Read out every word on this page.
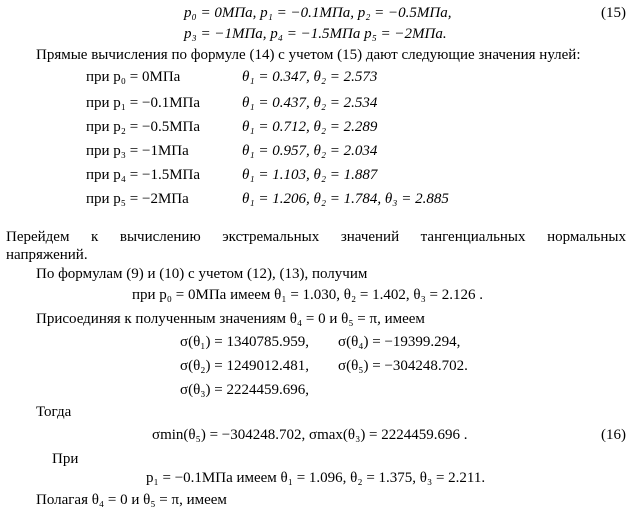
p₀ = 0МПа, p₁ = −0.1МПа, p₂ = −0.5МПа,	(15)
p₃ = −1МПа, p₄ = −1.5МПа p₅ = −2МПа.
Прямые вычисления по формуле (14) с учетом (15) дают следующие значения нулей:
при p₀ = 0МПа	θ₁ = 0.347, θ₂ = 2.573
при p₁ = −0.1МПа	θ₁ = 0.437, θ₂ = 2.534
при p₂ = −0.5МПа	θ₁ = 0.712, θ₂ = 2.289
при p₃ = −1МПа	θ₁ = 0.957, θ₂ = 2.034
при p₄ = −1.5МПа	θ₁ = 1.103, θ₂ = 1.887
при p₅ = −2МПа	θ₁ = 1.206, θ₂ = 1.784, θ₃ = 2.885
Перейдем к вычислению экстремальных значений тангенциальных нормальных
напряжений.
По формулам (9) и (10) с учетом (12), (13), получим
при p₀ = 0МПа имеем θ₁ = 1.030, θ₂ = 1.402, θ₃ = 2.126 .
Присоединяя к полученным значениям θ₄ = 0 и θ₅ = π, имеем
σ(θ₁) = 1340785.959, σ(θ₄) = −19399.294,
σ(θ₂) = 1249012.481, σ(θ₅) = −304248.702.
σ(θ₃) = 2224459.696,
Тогда
σmin(θ₅) = −304248.702, σmax(θ₃) = 2224459.696 .	(16)
При
p₁ = −0.1МПа имеем θ₁ = 1.096, θ₂ = 1.375, θ₃ = 2.211.
Полагая θ₄ = 0 и θ₅ = π, имеем
